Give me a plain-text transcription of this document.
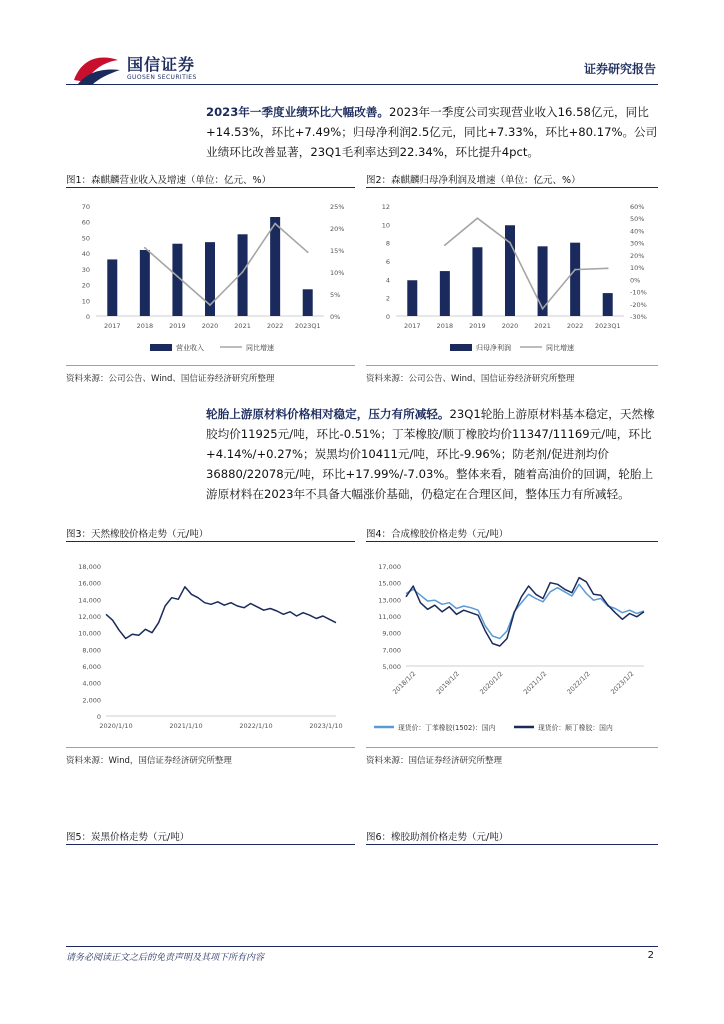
国信证券
GUOSEN SECURITIES
证券研究报告
2023年一季度业绩环比大幅改善。2023年一季度公司实现营业收入16.58亿元，同比+14.53%，环比+7.49%；归母净利润2.5亿元，同比+7.33%，环比+80.17%。公司业绩环比改善显著，23Q1毛利率达到22.34%，环比提升4pct。
图1：森麒麟营业收入及增速（单位：亿元、%）
0
10
20
30
40
50
60
70
0%
5%
10%
15%
20%
25%
2017 2018 2019 2020 2021 2022 2023Q1
营业收入	同比增速
资料来源：公司公告、Wind、国信证券经济研究所整理
图2：森麒麟归母净利润及增速（单位：亿元、%）
0
2
4
6
8
10
12
-30%
-20%
-10%
0%
10%
20%
30%
40%
50%
60%
2017 2018 2019 2020 2021 2022 2023Q1
归母净利润	同比增速
资料来源：公司公告、Wind、国信证券经济研究所整理
轮胎上游原材料价格相对稳定，压力有所减轻。23Q1轮胎上游原材料基本稳定，天然橡胶均价11925元/吨，环比-0.51%；丁苯橡胶/顺丁橡胶均价11347/11169元/吨，环比+4.14%/+0.27%；炭黑均价10411元/吨，环比-9.96%；防老剂/促进剂均价36880/22078元/吨，环比+17.99%/-7.03%。整体来看，随着高油价的回调，轮胎上游原材料在2023年不具备大幅涨价基础，仍稳定在合理区间，整体压力有所减轻。
图3：天然橡胶价格走势（元/吨）
0
2,000
4,000
6,000
8,000
10,000
12,000
14,000
16,000
18,000
2020/1/10	2021/1/10	2022/1/10	2023/1/10
资料来源：Wind，国信证券经济研究所整理
图4：合成橡胶价格走势（元/吨）
5,000
7,000
9,000
11,000
13,000
15,000
17,000
2018/1/2	2019/1/2	2020/1/2	2021/1/2	2022/1/2	2023/1/2
现货价：丁苯橡胶(1502)：国内	现货价：顺丁橡胶：国内
资料来源：国信证券经济研究所整理
图5：炭黑价格走势（元/吨）	图6：橡胶助剂价格走势（元/吨）
请务必阅读正文之后的免责声明及其项下所有内容	2
